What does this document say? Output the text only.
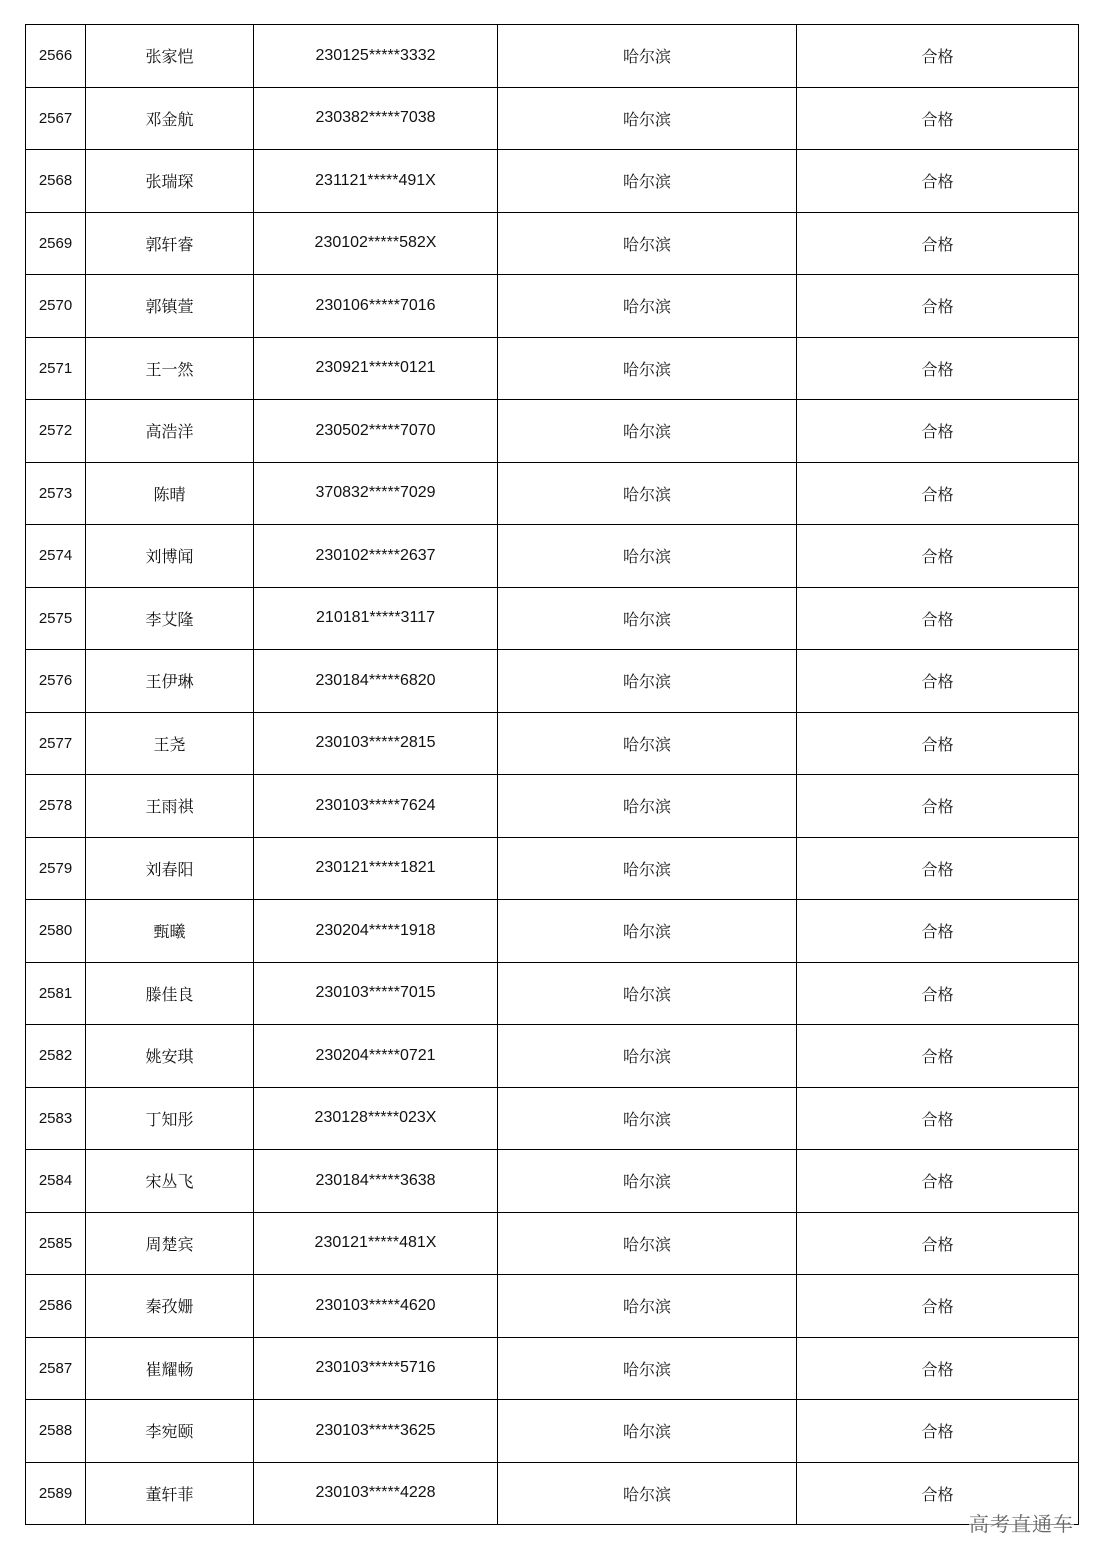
2566	张家恺	230125*****3332	哈尔滨	合格
2567	邓金航	230382*****7038	哈尔滨	合格
2568	张瑞琛	231121*****491X	哈尔滨	合格
2569	郭轩睿	230102*****582X	哈尔滨	合格
2570	郭镇萱	230106*****7016	哈尔滨	合格
2571	王一然	230921*****0121	哈尔滨	合格
2572	高浩洋	230502*****7070	哈尔滨	合格
2573	陈晴	370832*****7029	哈尔滨	合格
2574	刘博闻	230102*****2637	哈尔滨	合格
2575	李艾隆	210181*****3117	哈尔滨	合格
2576	王伊琳	230184*****6820	哈尔滨	合格
2577	王尧	230103*****2815	哈尔滨	合格
2578	王雨祺	230103*****7624	哈尔滨	合格
2579	刘春阳	230121*****1821	哈尔滨	合格
2580	甄曦	230204*****1918	哈尔滨	合格
2581	滕佳良	230103*****7015	哈尔滨	合格
2582	姚安琪	230204*****0721	哈尔滨	合格
2583	丁知彤	230128*****023X	哈尔滨	合格
2584	宋丛飞	230184*****3638	哈尔滨	合格
2585	周楚宾	230121*****481X	哈尔滨	合格
2586	秦孜姗	230103*****4620	哈尔滨	合格
2587	崔耀畅	230103*****5716	哈尔滨	合格
2588	李宛颐	230103*****3625	哈尔滨	合格
2589	董轩菲	230103*****4228	哈尔滨	合格
高考直通车
